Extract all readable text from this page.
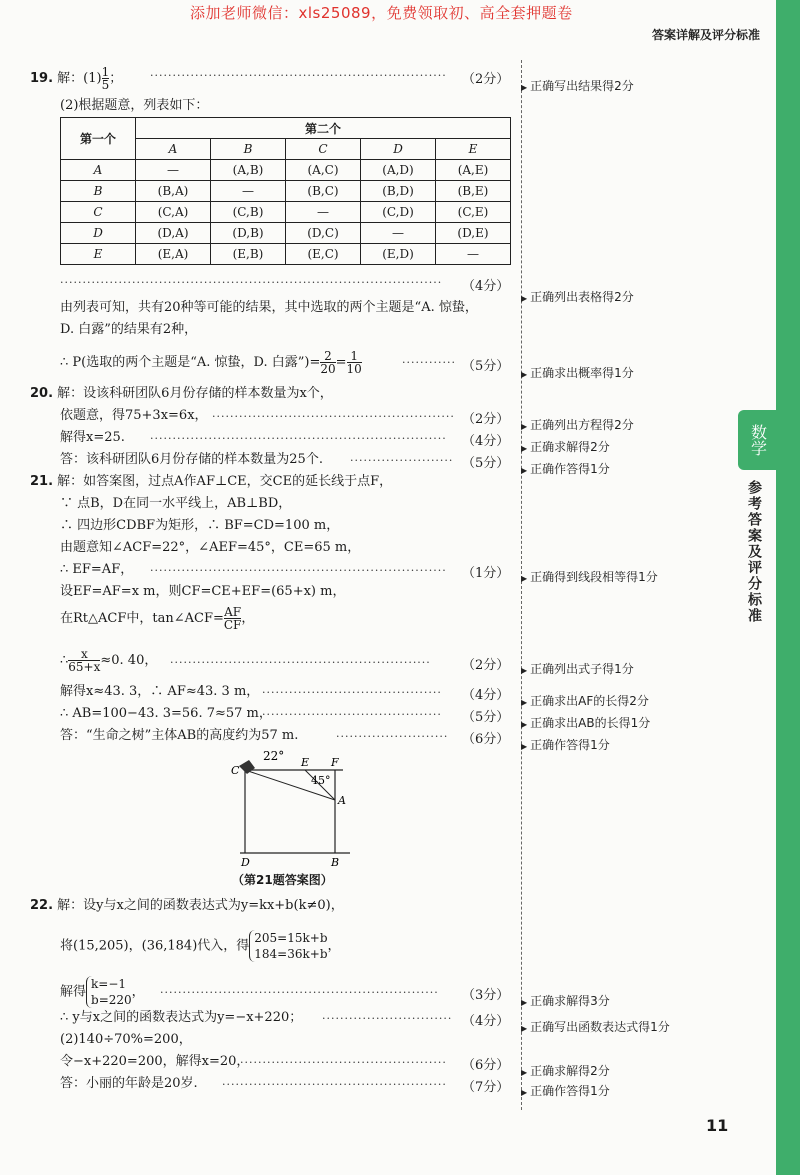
添加老师微信：xls25089，免费领取初、高全套押题卷
答案详解及评分标准
数学
参考答案及评分标准
19. 解：$(1) \frac{1}{5}$ ；	··································································	（2分）	▶ 正确写出结果得2分
(2)根据题意，列表如下：
第一个	第二个				
	A	B	C	D	E
A	—	(A,B)	(A,C)	(A,D)	(A,E)
B	(B,A)	—	(B,C)	(B,D)	(B,E)
C	(C,A)	(C,B)	—	(C,D)	(C,E)
D	(D,A)	(D,B)	(D,C)	—	(D,E)
E	(E,A)	(E,B)	(E,C)	(E,D)	—
·····················································································	（4分）
▶ 正确列出表格得2分
由列表可知，共有20种等可能的结果，其中选取的两个主题是“A. 惊蛰，
D. 白露”的结果有2种，
∴ P(选取的两个主题是“A. 惊蛰，D. 白露”)= $\frac{2}{20} = \frac{1}{10}$	············ （5分）	▶ 正确求出概率得1分
20. 解：设该科研团队6月份存储的样本数量为x个，
依题意，得75+3x=6x， ······················································ （2分）	▶ 正确列出方程得2分
解得x=25. ··································································	（4分）	▶ 正确求解得2分
答：该科研团队6月份存储的样本数量为25个. ······················· （5分）	▶ 正确作答得1分
21. 解：如答案图，过点A作AF⊥CE，交CE的延长线于点F，
∵ 点B，D在同一水平线上，AB⊥BD，
∴ 四边形CDBF为矩形，∴ BF=CD=100 m，
由题意知∠ACF=22°，∠AEF=45°，CE=65 m，
∴ EF=AF， ··································································	（1分）	▶ 正确得到线段相等得1分
设EF=AF=x m，则CF=CE+EF=(65+x) m，
在Rt△ACF中，tan∠ACF= $\frac{AF}{CF}$ ，
∴ $\frac{x}{65+x} \approx 0$. 40， ··························································	（2分）	▶ 正确列出式子得1分
解得x≈43. 3，∴ AF≈43. 3 m， ········································	（4分）	▶ 正确求出AF的长得2分
∴ AB=100−43. 3=56. 7≈57 m，
········································	（5分）	▶ 正确求出AB的长得1分
答：“生命之树”主体AB的高度约为57 m.	·························	（6分）	▶ 正确作答得1分
22°
45°
C
E F
A
D	B
（第21题答案图）
22. 解：设y与x之间的函数表达式为y=kx+b(k≠0)，
将(15,205)，(36,184)代入，得
205=15k+b
184=36k+b
，
解得
k=−1
b=220
， ······························································	（3分）	▶ 正确求解得3分
∴ y与x之间的函数表达式为y=−x+220； ····························· （4分）	▶ 正确写出函数表达式得1分
(2)140÷70%=200，
令−x+220=200，解得x=20，
··············································	（6分）	▶ 正确求解得2分
答：小丽的年龄是20岁. ··················································	（7分）	▶ 正确作答得1分
11
